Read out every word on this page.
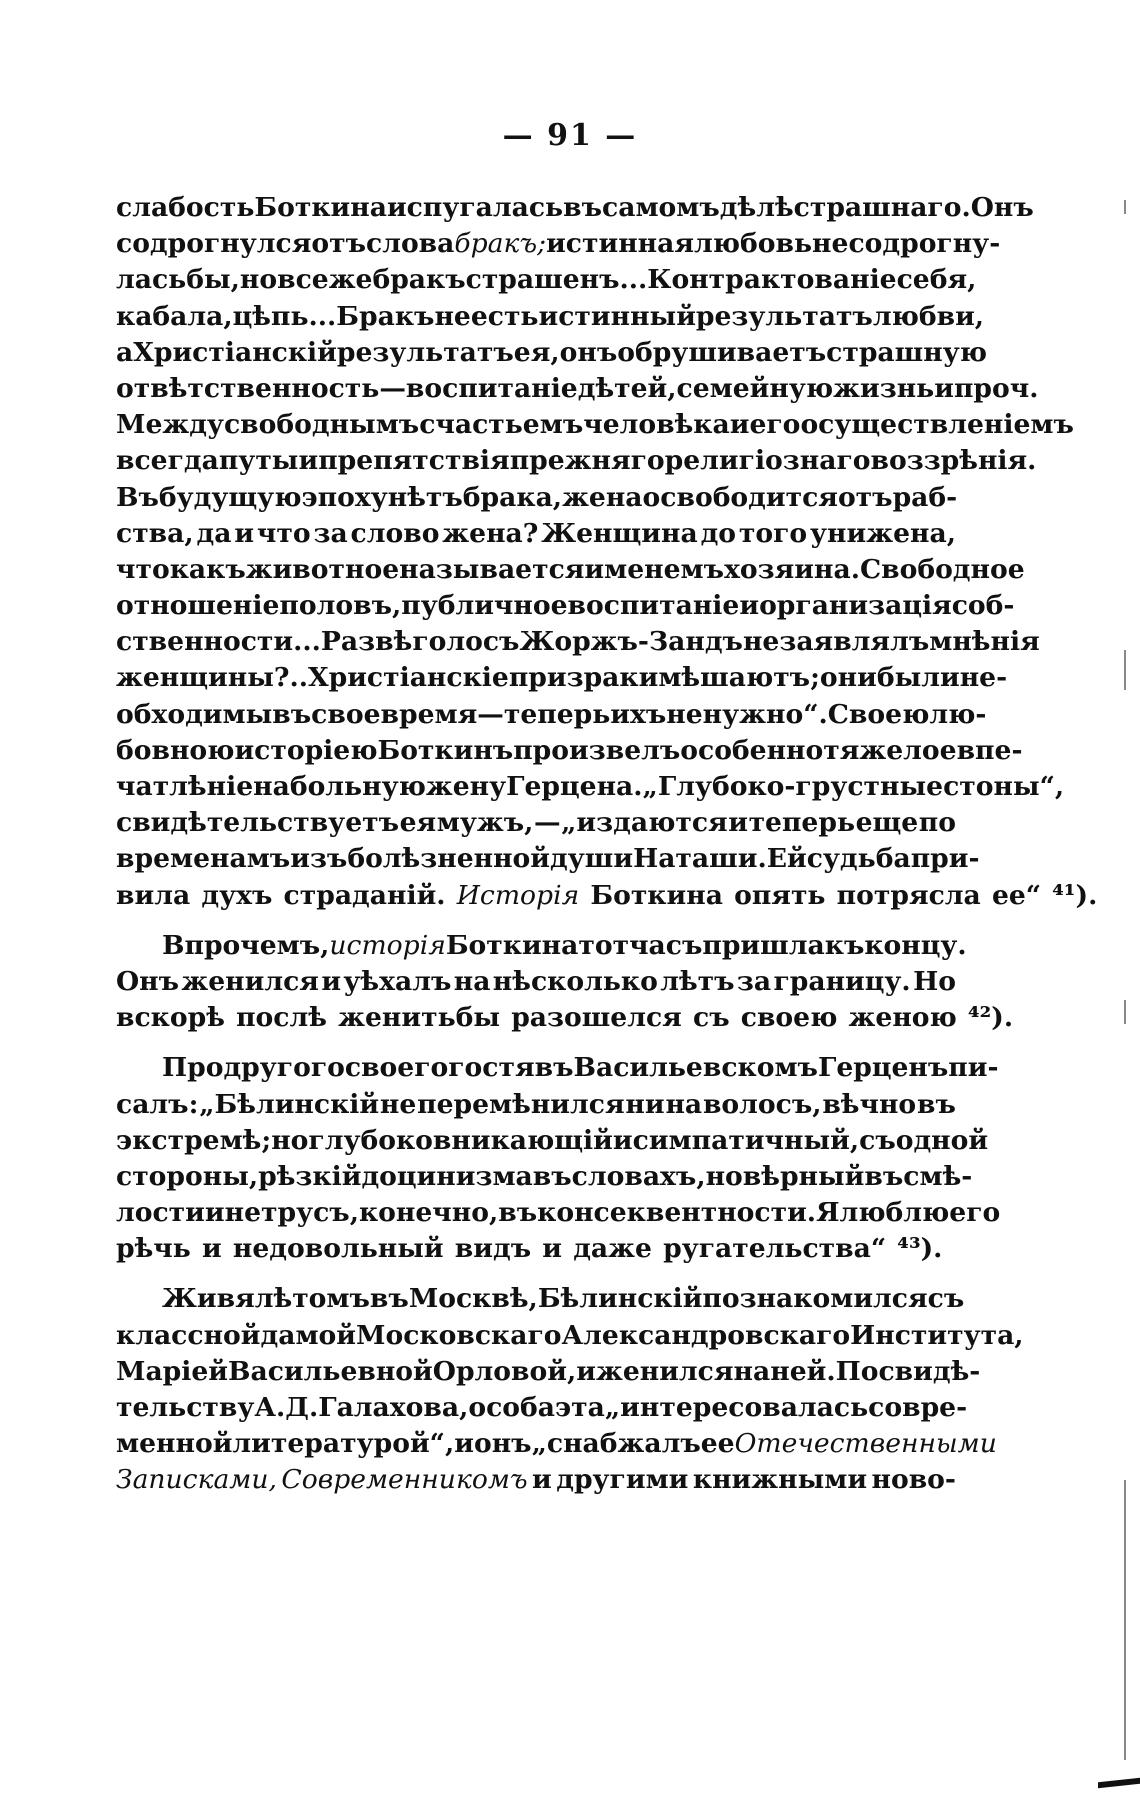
— 91 —
слабость Боткина испугалась въ самомъ дѣлѣ страшнаго. Онъ
содрогнулся отъ слова бракъ; истинная любовь не содрогну-
лась бы, но все же бракъ страшенъ... Контрактованіе себя,
кабала, цѣпь... Бракъ не есть истинный результатъ любви,
а Христіанскій результатъ ея, онъ обрушиваетъ страшную
отвѣтственность—воспитаніе дѣтей, семейную жизнь и проч.
Между свободнымъ счастьемъ человѣка и его осуществленіемъ
всегда путы и препятствія прежняго религіознаго воззрѣнія.
Въ будущую эпоху нѣтъ брака, жена освободится отъ раб-
ства, да и что за слово жена? Женщина до того унижена,
что какъ животное называется именемъ хозяина. Свободное
отношеніе половъ, публичное воспитаніе и организація соб-
ственности... Развѣ голосъ Жоржъ-Зандъ не заявлялъ мнѣнія
женщины?.. Христіанскіе призраки мѣшаютъ; они были не-
обходимы въ свое время—теперь ихъ не нужно“. Своею лю-
бовною исторіею Боткинъ произвелъ особенно тяжелое впе-
чатлѣніе на больную жену Герцена. „Глубоко-грустные стоны“,
свидѣтельствуетъ ея мужъ, — „издаются и теперь еще по
временамъ изъ болѣзненной души Наташи. Ей судьба при-
вила духъ страданій. Исторія Боткина опять потрясла ее“ ⁴¹).
Впрочемъ, исторія Боткина тотчасъ пришла къ концу.
Онъ женился и уѣхалъ на нѣсколько лѣтъ за границу. Но
вскорѣ послѣ женитьбы разошелся съ своею женою ⁴²).
Про другого своего гостя въ Васильевскомъ Герценъ пи-
салъ: „Бѣлинскій не перемѣнился ни на волосъ, вѣчно въ
экстремѣ; но глубоко вникающій и симпатичный, съ одной
стороны, рѣзкій до цинизма въ словахъ, но вѣрный въ смѣ-
лости и не трусъ, конечно, въ консеквентности. Я люблю его
рѣчь и недовольный видъ и даже ругательства“ ⁴³).
Живя лѣтомъ въ Москвѣ, Бѣлинскій познакомился съ
классной дамой Московскаго Александровскаго Института,
Маріей Васильевной Орловой, и женился на ней. По свидѣ-
тельству А. Д. Галахова, особа эта „интересовалась совре-
менной литературой“, и онъ „снабжалъ ее Отечественными
Записками, Современникомъ и другими книжными ново-
